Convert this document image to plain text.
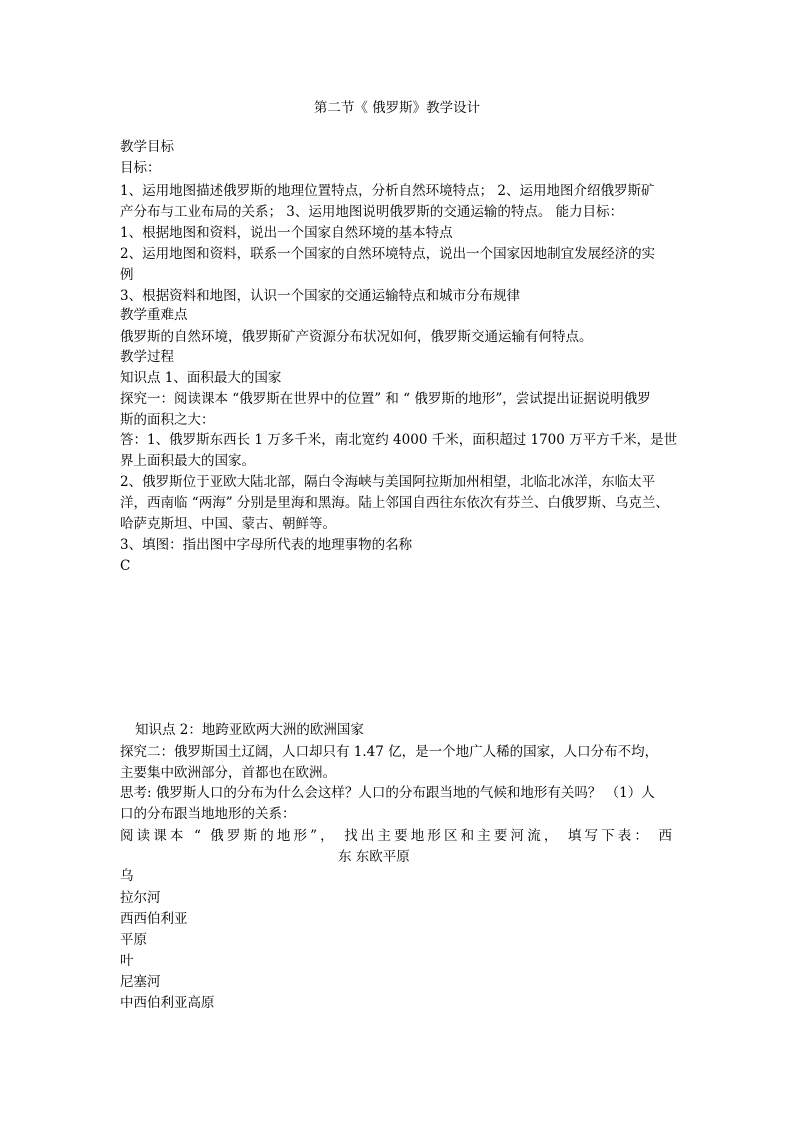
第二节《 俄罗斯》教学设计
教学目标
目标：
1、运用地图描述俄罗斯的地理位置特点，分析自然环境特点； 2、运用地图介绍俄罗斯矿
产分布与工业布局的关系； 3、运用地图说明俄罗斯的交通运输的特点。 能力目标：
1、根据地图和资料，说出一个国家自然环境的基本特点
2、运用地图和资料，联系一个国家的自然环境特点，说出一个国家因地制宜发展经济的实
例
3、根据资料和地图，认识一个国家的交通运输特点和城市分布规律
教学重难点
俄罗斯的自然环境，俄罗斯矿产资源分布状况如何，俄罗斯交通运输有何特点。
教学过程
知识点 1、面积最大的国家
探究一：阅读课本 “俄罗斯在世界中的位置” 和 “ 俄罗斯的地形”，尝试提出证据说明俄罗
斯的面积之大：
答：1、俄罗斯东西长 1 万多千米，南北宽约 4000 千米，面积超过 1700 万平方千米，是世
界上面积最大的国家。
2、俄罗斯位于亚欧大陆北部，隔白令海峡与美国阿拉斯加州相望，北临北冰洋，东临太平
洋，西南临 “两海” 分别是里海和黑海。陆上邻国自西往东依次有芬兰、白俄罗斯、乌克兰、
哈萨克斯坦、中国、蒙古、朝鲜等。
3、填图：指出图中字母所代表的地理事物的名称
C
知识点 2：地跨亚欧两大洲的欧洲国家
探究二：俄罗斯国土辽阔，人口却只有 1.47 亿，是一个地广人稀的国家，人口分布不均，
主要集中欧洲部分，首都也在欧洲。
思考: 俄罗斯人口的分布为什么会这样？人口的分布跟当地的气候和地形有关吗？ （1）人
口的分布跟当地地形的关系：
阅读课本 “ 俄罗斯的地形”， 找出主要地形区和主要河流， 填写下表： 西
东 东欧平原
乌
拉尔河
西西伯利亚
平原
叶
尼塞河
中西伯利亚高原
